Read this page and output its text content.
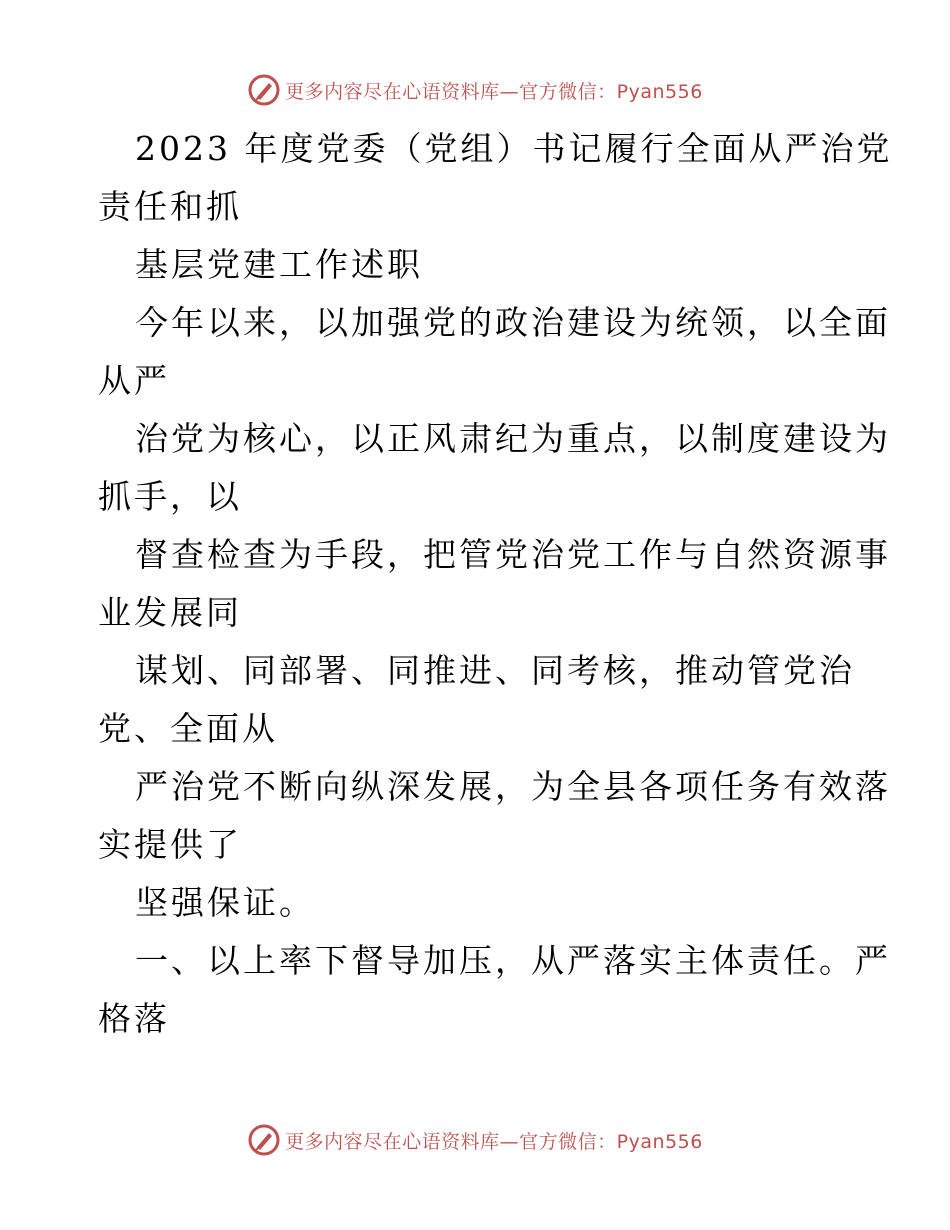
更多内容尽在心语资料库—官方微信：Pyan556
2023 年度党委（党组）书记履行全面从严治党
责任和抓
基层党建工作述职
今年以来，以加强党的政治建设为统领，以全面
从严
治党为核心，以正风肃纪为重点，以制度建设为
抓手，以
督查检查为手段，把管党治党工作与自然资源事
业发展同
谋划、同部署、同推进、同考核，推动管党治
党、全面从
严治党不断向纵深发展，为全县各项任务有效落
实提供了
坚强保证。
一、以上率下督导加压，从严落实主体责任。严
格落
更多内容尽在心语资料库—官方微信：Pyan556
